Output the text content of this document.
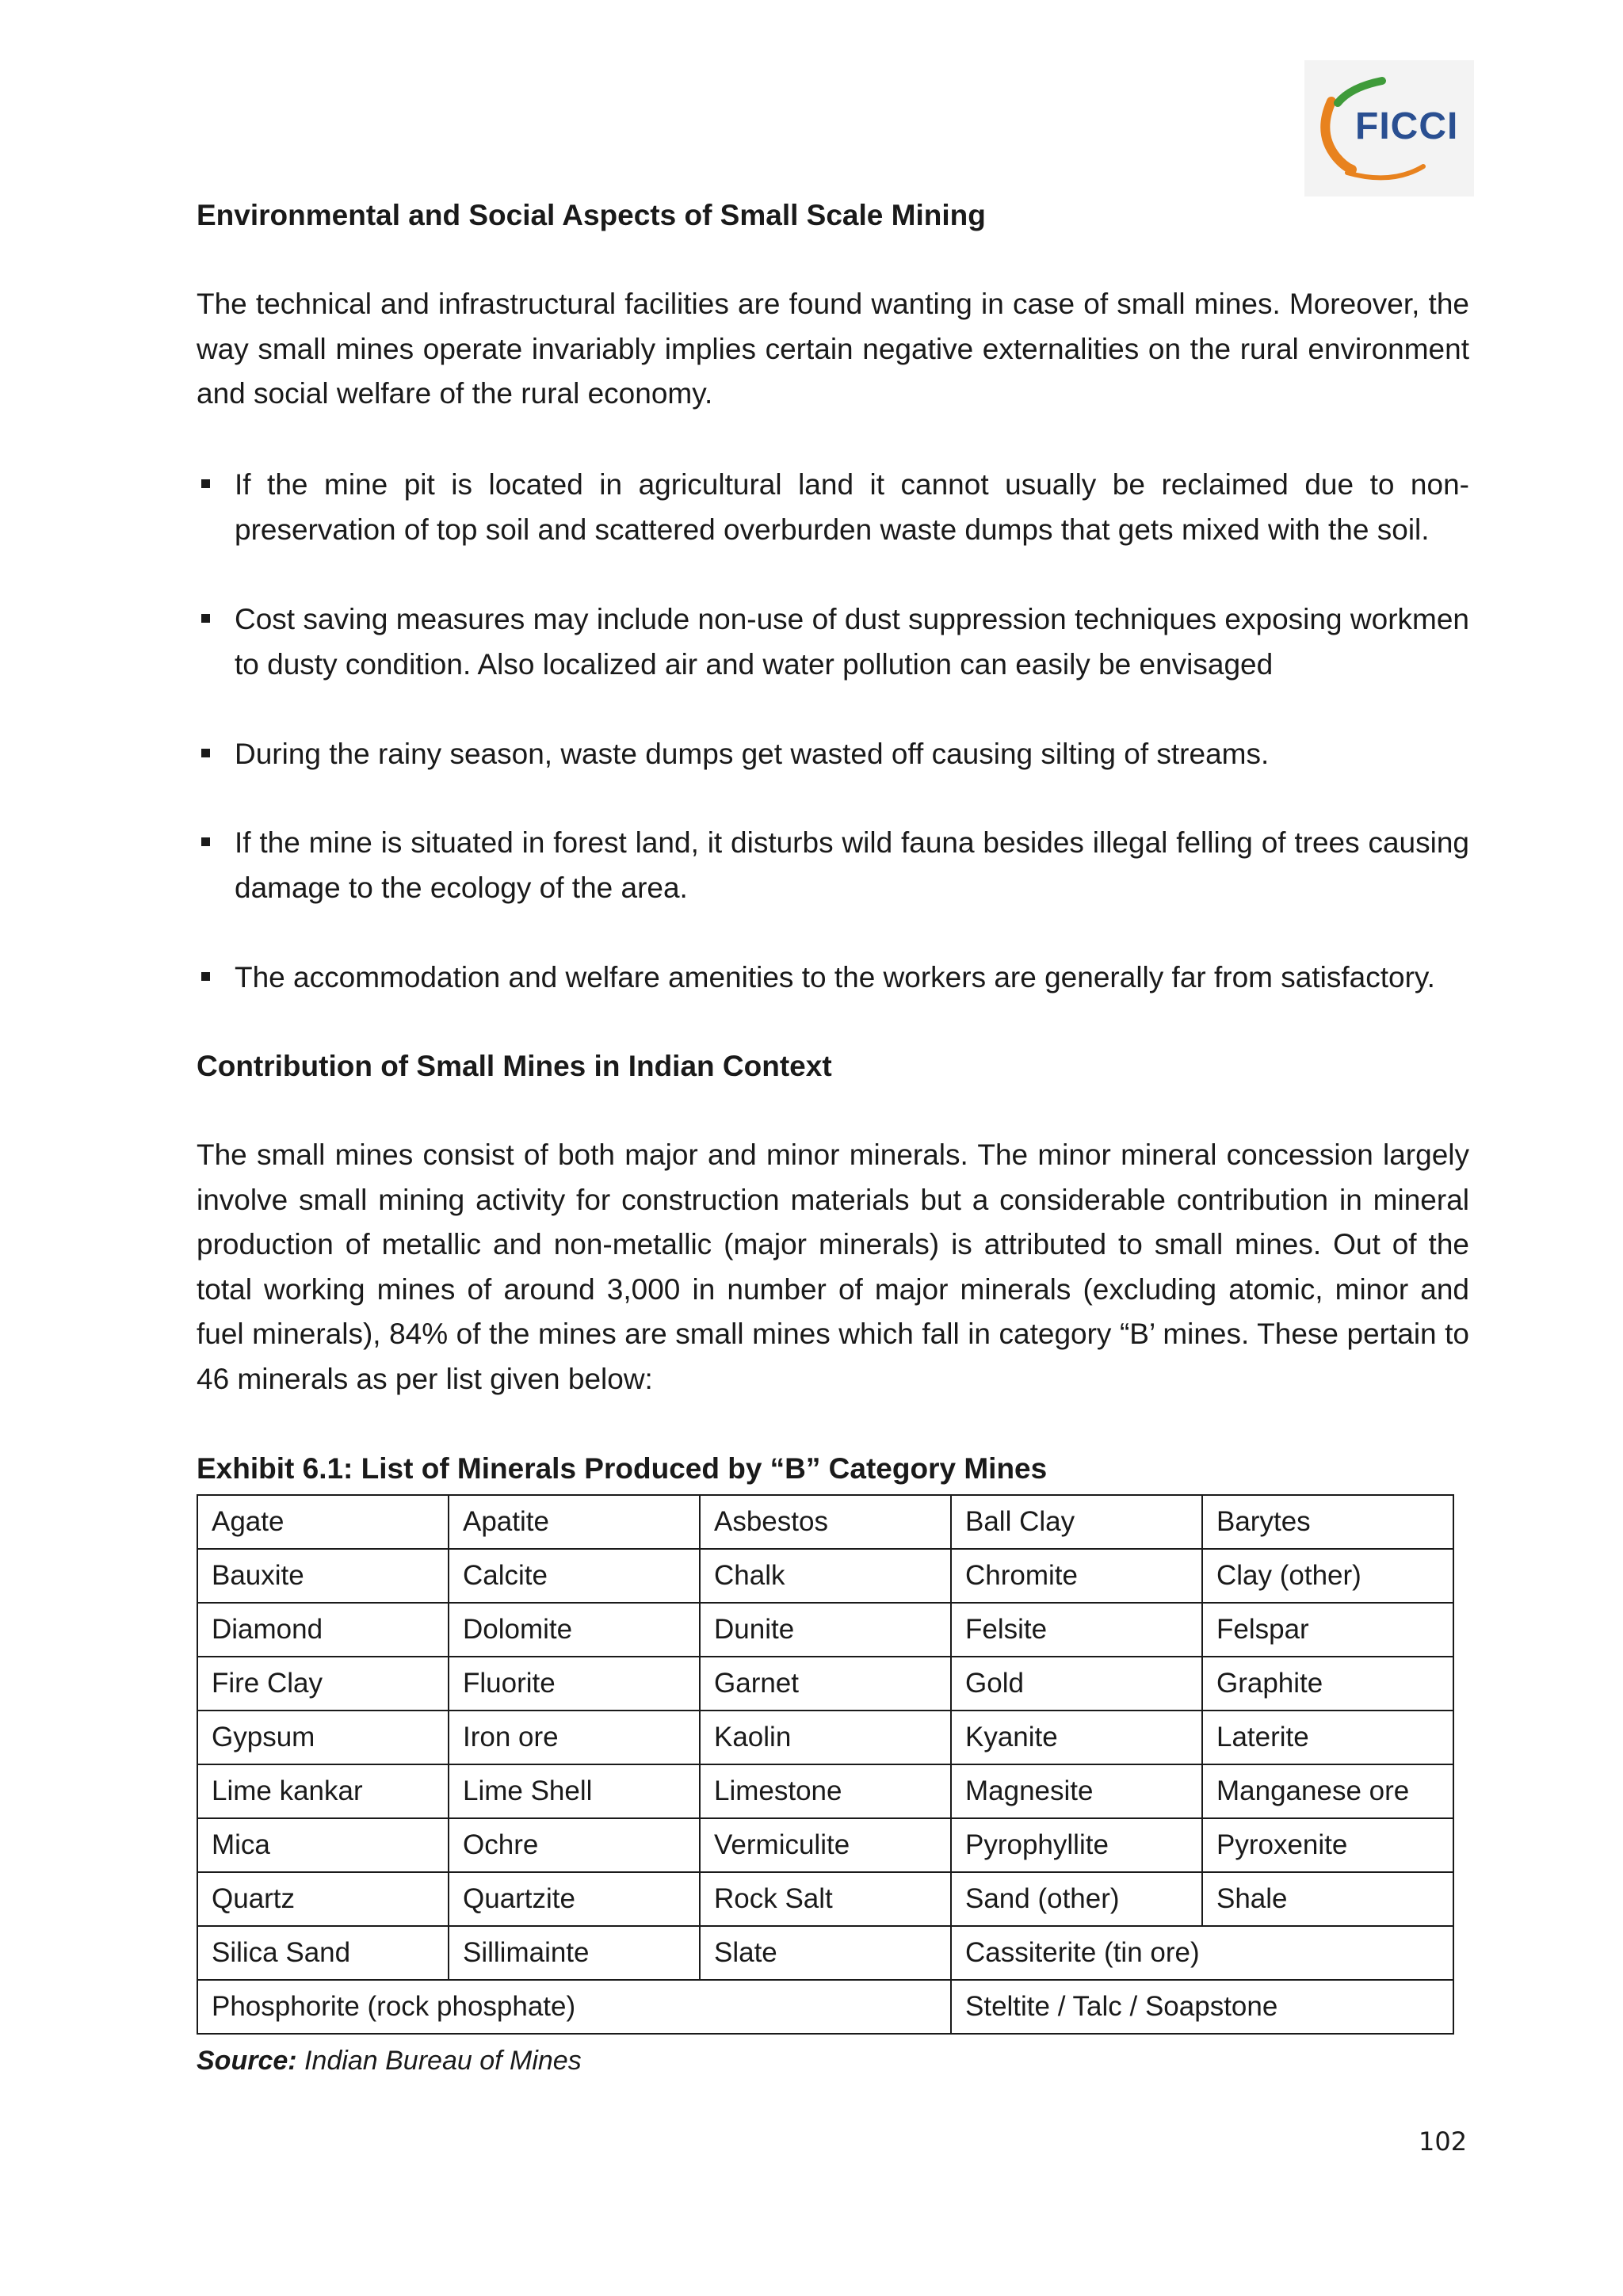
FICCI

Environmental and Social Aspects of Small Scale Mining

The technical and infrastructural facilities are found wanting in case of small mines. Moreover, the way small mines operate invariably implies certain negative externalities on the rural environment and social welfare of the rural economy.

If the mine pit is located in agricultural land it cannot usually be reclaimed due to non-preservation of top soil and scattered overburden waste dumps that gets mixed with the soil.
Cost saving measures may include non-use of dust suppression techniques exposing workmen to dusty condition. Also localized air and water pollution can easily be envisaged
During the rainy season, waste dumps get wasted off causing silting of streams.
If the mine is situated in forest land, it disturbs wild fauna besides illegal felling of trees causing damage to the ecology of the area.
The accommodation and welfare amenities to the workers are generally far from satisfactory.

Contribution of Small Mines in Indian Context

The small mines consist of both major and minor minerals. The minor mineral concession largely involve small mining activity for construction materials but a considerable contribution in mineral production of metallic and non-metallic (major minerals) is attributed to small mines. Out of the total working mines of around 3,000 in number of major minerals (excluding atomic, minor and fuel minerals), 84% of the mines are small mines which fall in category “B’ mines. These pertain to 46 minerals as per list given below:

Exhibit 6.1: List of Minerals Produced by “B” Category Mines

Agate	Apatite	Asbestos	Ball Clay	Barytes
Bauxite	Calcite	Chalk	Chromite	Clay (other)
Diamond	Dolomite	Dunite	Felsite	Felspar
Fire Clay	Fluorite	Garnet	Gold	Graphite
Gypsum	Iron ore	Kaolin	Kyanite	Laterite
Lime kankar	Lime Shell	Limestone	Magnesite	Manganese ore
Mica	Ochre	Vermiculite	Pyrophyllite	Pyroxenite
Quartz	Quartzite	Rock Salt	Sand (other)	Shale
Silica Sand	Sillimainte	Slate	Cassiterite (tin ore)	
Phosphorite (rock phosphate)			Steltite / Talc / Soapstone	
Source: Indian Bureau of Mines
102
